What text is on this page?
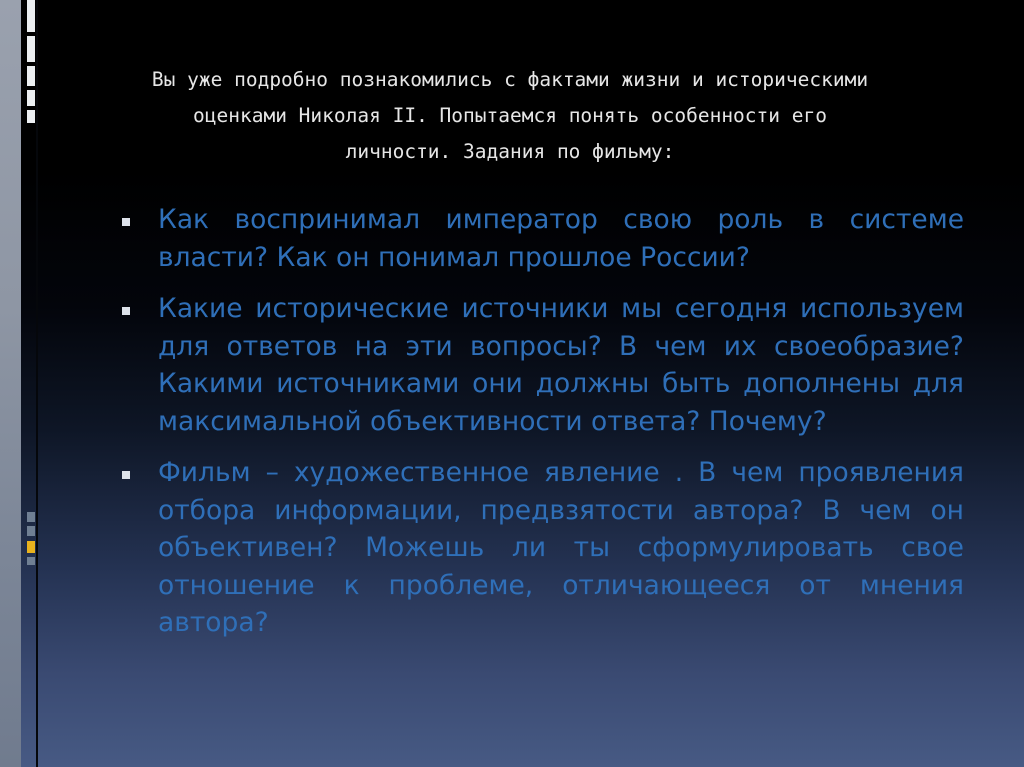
Вы уже подробно познакомились с фактами жизни и историческими оценками Николая II. Попытаемся понять особенности его личности. Задания по фильму:
Как воспринимал император свою роль в системе власти? Как он понимал прошлое России?
Какие исторические источники мы сегодня используем для ответов на эти вопросы? В чем их своеобразие? Какими источниками они должны быть дополнены для максимальной объективности ответа? Почему?
Фильм – художественное явление . В чем проявления отбора информации, предвзятости автора? В чем он объективен? Можешь ли ты сформулировать свое отношение к проблеме, отличающееся от мнения автора?
